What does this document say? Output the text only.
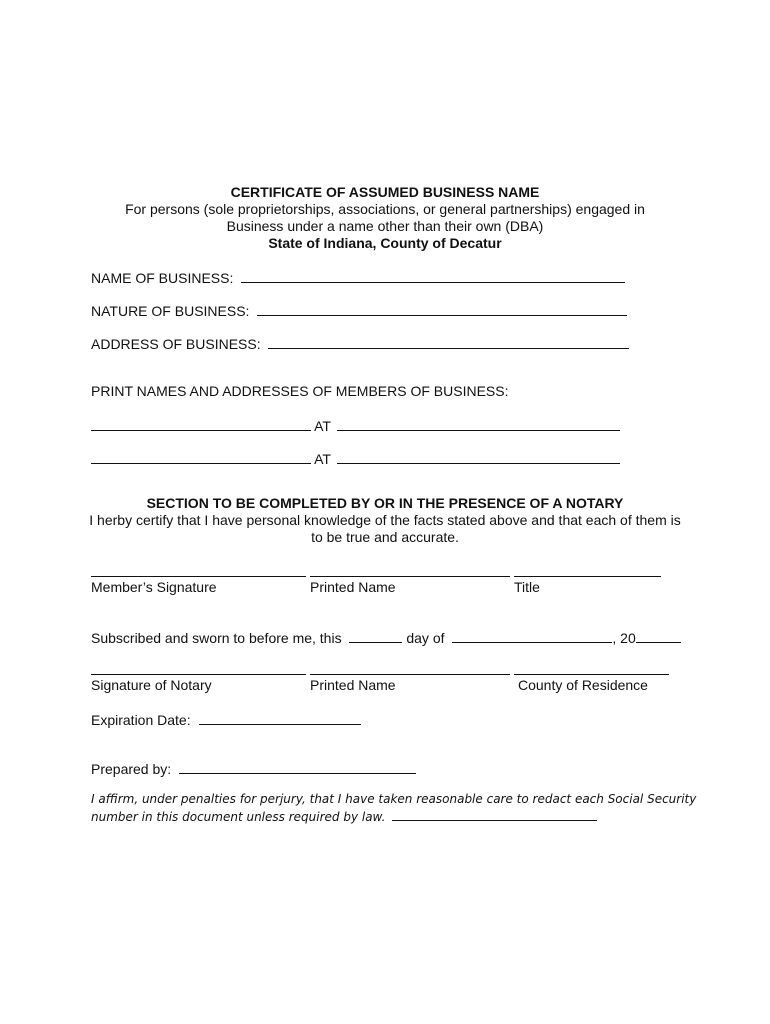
CERTIFICATE OF ASSUMED BUSINESS NAME
For persons (sole proprietorships, associations, or general partnerships) engaged in
Business under a name other than their own (DBA)
State of Indiana, County of Decatur
NAME OF BUSINESS:
NATURE OF BUSINESS:
ADDRESS OF BUSINESS:
PRINT NAMES AND ADDRESSES OF MEMBERS OF BUSINESS:
AT
AT
SECTION TO BE COMPLETED BY OR IN THE PRESENCE OF A NOTARY
I herby certify that I have personal knowledge of the facts stated above and that each of them is
to be true and accurate.
Member’s Signature	Printed Name	Title
Subscribed and sworn to before me, this	day of	, 20
Signature of Notary	Printed Name	County of Residence
Expiration Date:
Prepared by:
I affirm, under penalties for perjury, that I have taken reasonable care to redact each Social Security
number in this document unless required by law.
